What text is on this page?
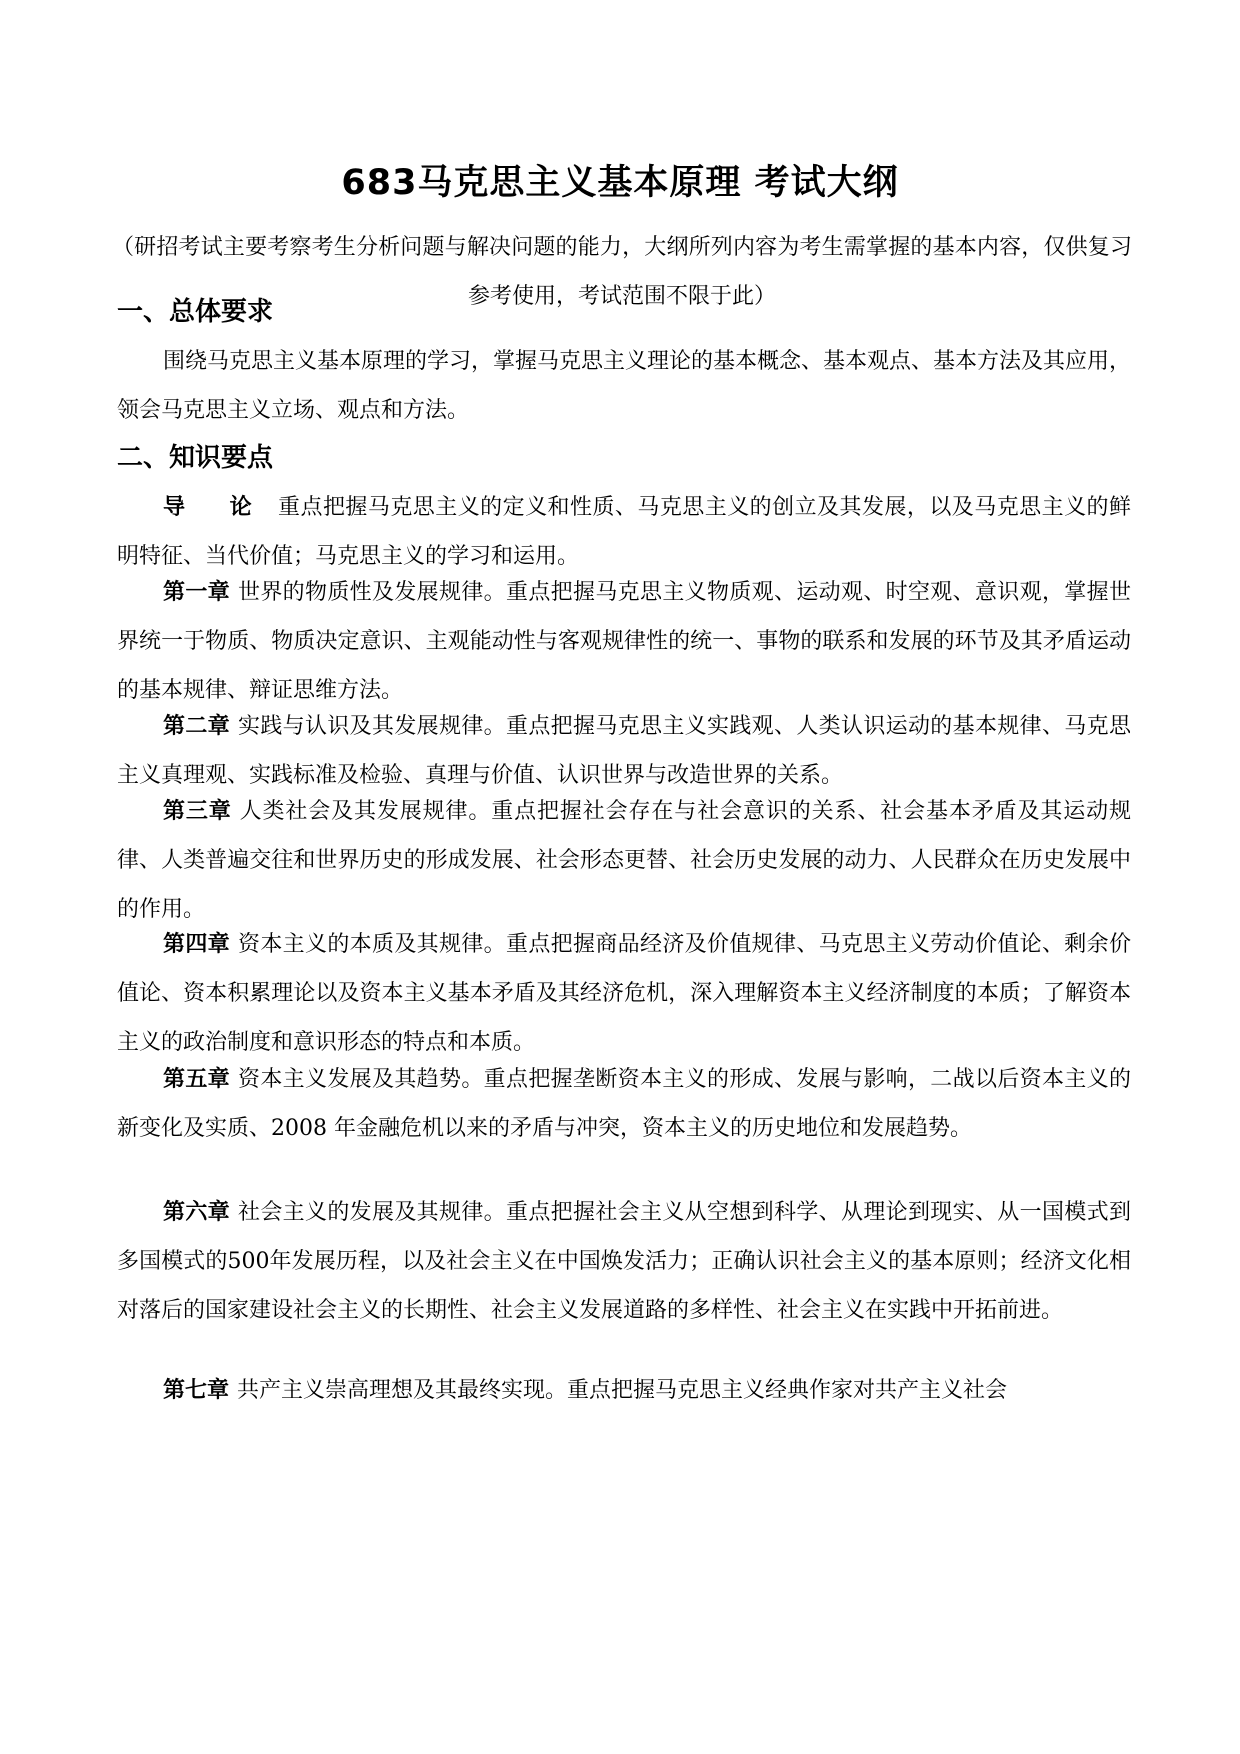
683马克思主义基本原理 考试大纲
（研招考试主要考察考生分析问题与解决问题的能力，大纲所列内容为考生需掌握的基本内容，仅供复习参考使用，考试范围不限于此）
一、总体要求
围绕马克思主义基本原理的学习，掌握马克思主义理论的基本概念、基本观点、基本方法及其应用，领会马克思主义立场、观点和方法。
二、知识要点
导 论 重点把握马克思主义的定义和性质、马克思主义的创立及其发展，以及马克思主义的鲜明特征、当代价值；马克思主义的学习和运用。
第一章 世界的物质性及发展规律。重点把握马克思主义物质观、运动观、时空观、意识观，掌握世界统一于物质、物质决定意识、主观能动性与客观规律性的统一、事物的联系和发展的环节及其矛盾运动的基本规律、辩证思维方法。
第二章 实践与认识及其发展规律。重点把握马克思主义实践观、人类认识运动的基本规律、马克思主义真理观、实践标准及检验、真理与价值、认识世界与改造世界的关系。
第三章 人类社会及其发展规律。重点把握社会存在与社会意识的关系、社会基本矛盾及其运动规律、人类普遍交往和世界历史的形成发展、社会形态更替、社会历史发展的动力、人民群众在历史发展中的作用。
第四章 资本主义的本质及其规律。重点把握商品经济及价值规律、马克思主义劳动价值论、剩余价值论、资本积累理论以及资本主义基本矛盾及其经济危机，深入理解资本主义经济制度的本质；了解资本主义的政治制度和意识形态的特点和本质。
第五章 资本主义发展及其趋势。重点把握垄断资本主义的形成、发展与影响，二战以后资本主义的新变化及实质、2008 年金融危机以来的矛盾与冲突，资本主义的历史地位和发展趋势。
第六章 社会主义的发展及其规律。重点把握社会主义从空想到科学、从理论到现实、从一国模式到多国模式的500年发展历程，以及社会主义在中国焕发活力；正确认识社会主义的基本原则；经济文化相对落后的国家建设社会主义的长期性、社会主义发展道路的多样性、社会主义在实践中开拓前进。
第七章 共产主义崇高理想及其最终实现。重点把握马克思主义经典作家对共产主义社会
